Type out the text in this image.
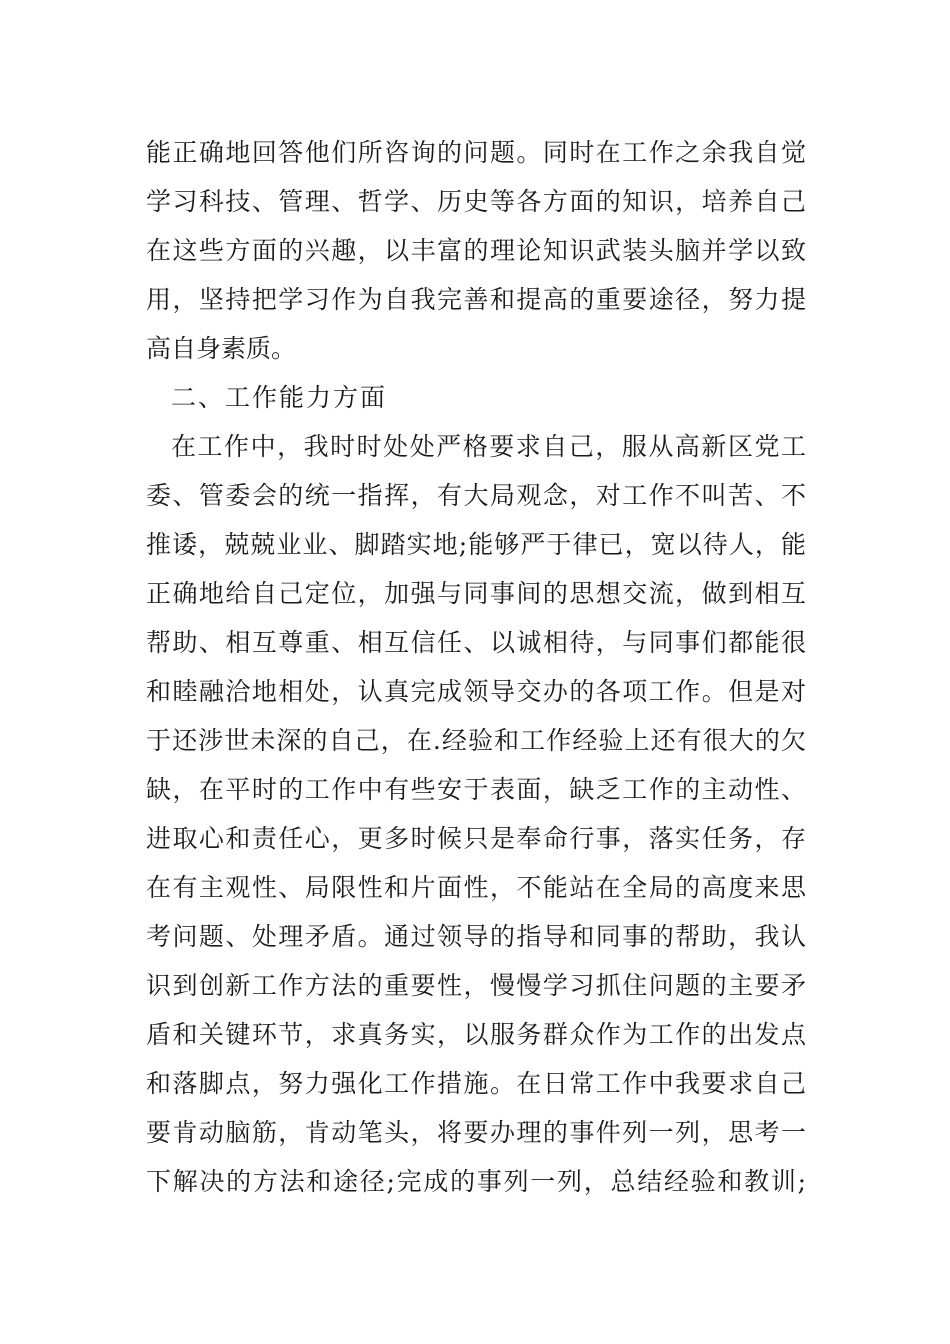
能正确地回答他们所咨询的问题。同时在工作之余我自觉
学习科技、管理、哲学、历史等各方面的知识，培养自己
在这些方面的兴趣，以丰富的理论知识武装头脑并学以致
用，坚持把学习作为自我完善和提高的重要途径，努力提
高自身素质。
二、工作能力方面
在工作中，我时时处处严格要求自己，服从高新区党工
委、管委会的统一指挥，有大局观念，对工作不叫苦、不
推诿，兢兢业业、脚踏实地;能够严于律已，宽以待人，能
正确地给自己定位，加强与同事间的思想交流，做到相互
帮助、相互尊重、相互信任、以诚相待，与同事们都能很
和睦融洽地相处，认真完成领导交办的各项工作。但是对
于还涉世未深的自己，在.经验和工作经验上还有很大的欠
缺，在平时的工作中有些安于表面，缺乏工作的主动性、
进取心和责任心，更多时候只是奉命行事，落实任务，存
在有主观性、局限性和片面性，不能站在全局的高度来思
考问题、处理矛盾。通过领导的指导和同事的帮助，我认
识到创新工作方法的重要性，慢慢学习抓住问题的主要矛
盾和关键环节，求真务实，以服务群众作为工作的出发点
和落脚点，努力强化工作措施。在日常工作中我要求自己
要肯动脑筋，肯动笔头，将要办理的事件列一列，思考一
下解决的方法和途径;完成的事列一列，总结经验和教训;
